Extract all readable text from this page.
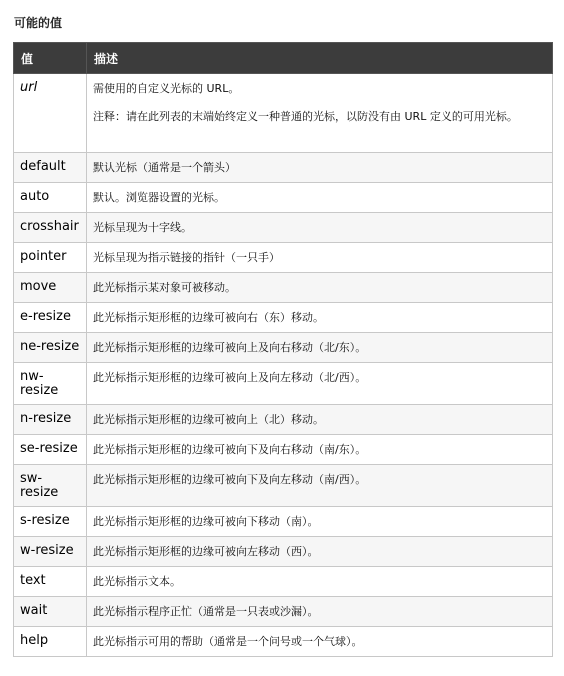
可能的值
值	描述
url	需使用的自定义光标的 URL。

注释：请在此列表的末端始终定义一种普通的光标，以防没有由 URL 定义的可用光标。

default	默认光标（通常是一个箭头）

auto	默认。浏览器设置的光标。

crosshair	光标呈现为十字线。

pointer	光标呈现为指示链接的指针（一只手）

move	此光标指示某对象可被移动。

e-resize	此光标指示矩形框的边缘可被向右（东）移动。

ne-resize	此光标指示矩形框的边缘可被向上及向右移动（北/东）。

nw-resize	此光标指示矩形框的边缘可被向上及向左移动（北/西）。

n-resize	此光标指示矩形框的边缘可被向上（北）移动。

se-resize	此光标指示矩形框的边缘可被向下及向右移动（南/东）。

sw-resize	此光标指示矩形框的边缘可被向下及向左移动（南/西）。

s-resize	此光标指示矩形框的边缘可被向下移动（南）。

w-resize	此光标指示矩形框的边缘可被向左移动（西）。

text	此光标指示文本。

wait	此光标指示程序正忙（通常是一只表或沙漏）。

help	此光标指示可用的帮助（通常是一个问号或一个气球）。
